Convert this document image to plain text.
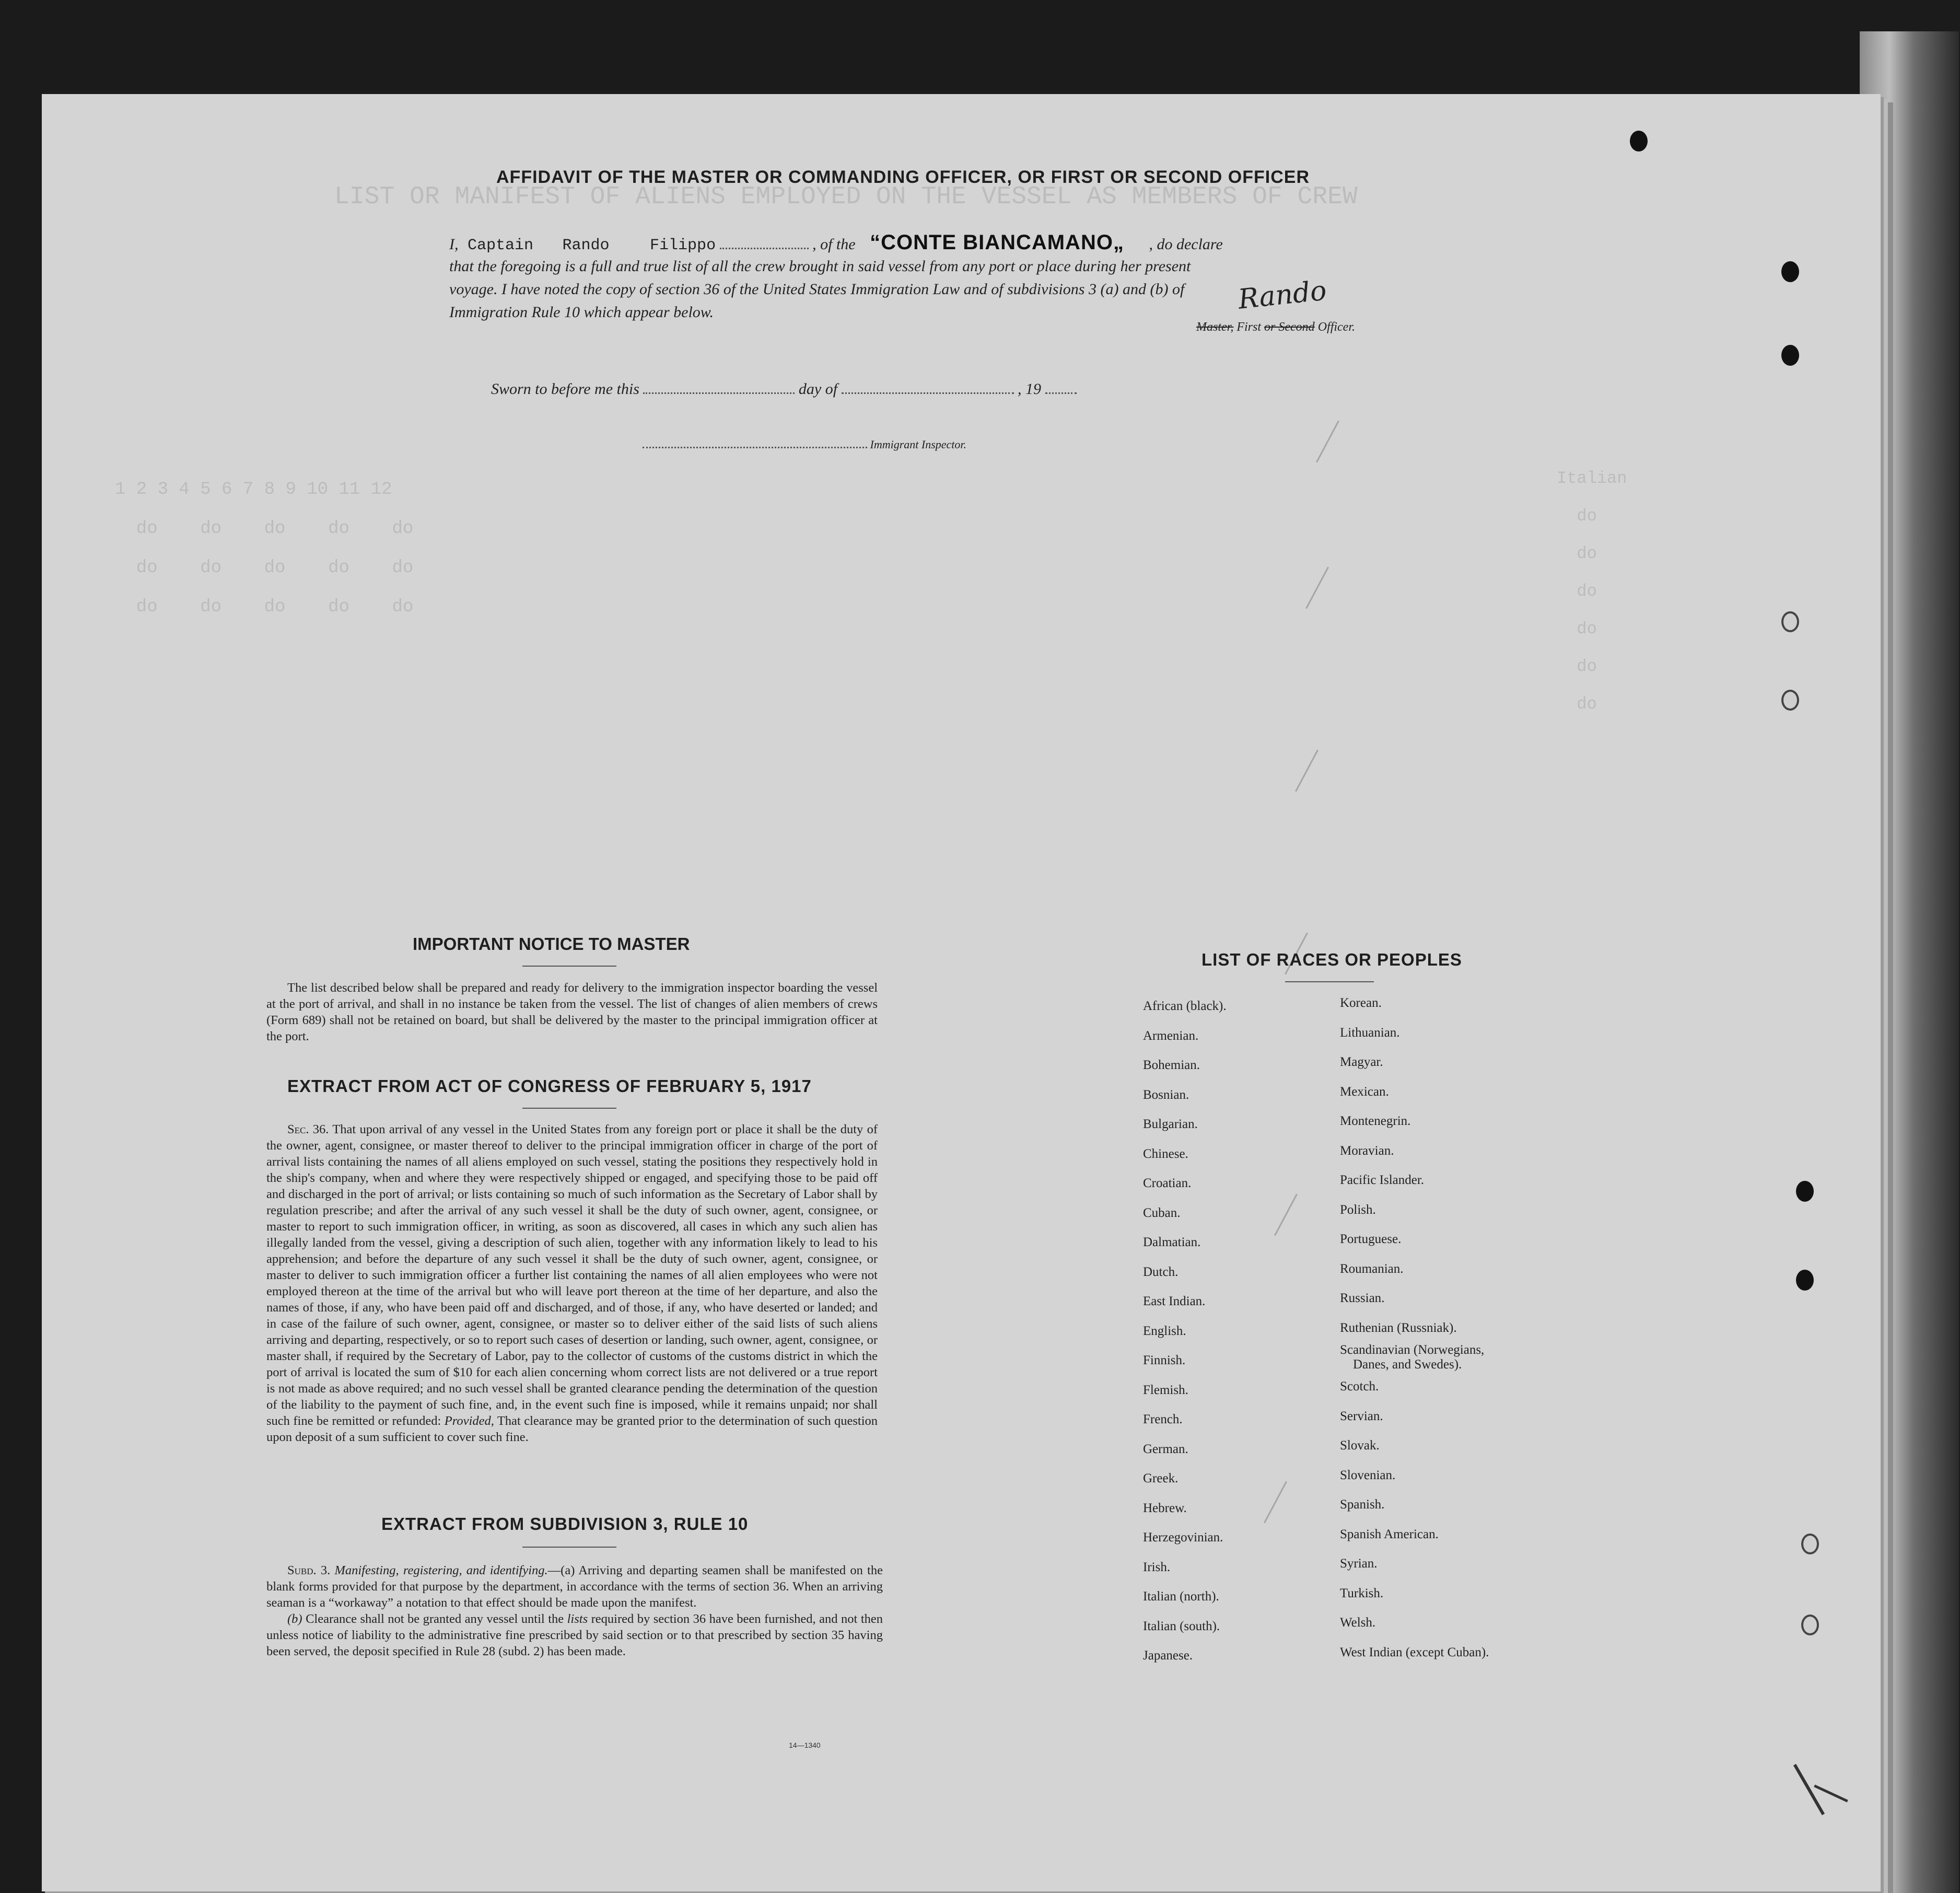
LIST OR MANIFEST OF ALIENS EMPLOYED ON THE VESSEL AS MEMBERS OF CREW
1 2 3 4 5 6 7 8 9 10 11 12
do    do    do    do    do
do    do    do    do    do
do    do    do    do    do
Italian
do
do
do
do
do
do
AFFIDAVIT OF THE MASTER OR COMMANDING OFFICER, OR FIRST OR SECOND OFFICER
I, Captain Rando	Filippo	, of the “CONTE BIANCAMANO„ , do declare
that the foregoing is a full and true list of all the crew brought in said vessel from any port or place during her present
voyage. I have noted the copy of section 36 of the United States Immigration Law and of subdivisions 3 (a) and (b) of
Immigration Rule 10 which appear below.	Rando
Master, First or Second Officer.
Sworn to before me this	day of	, 19
Immigrant Inspector.
IMPORTANT NOTICE TO MASTER

The list described below shall be prepared and ready for delivery to the immigration inspector boarding the vessel at the port of arrival, and shall in no instance be taken from the vessel. The list of changes of alien members of crews (Form 689) shall not be retained on board, but shall be delivered by the master to the principal immigration officer at the port.

EXTRACT FROM ACT OF CONGRESS OF FEBRUARY 5, 1917

Sec. 36. That upon arrival of any vessel in the United States from any foreign port or place it shall be the duty of the owner, agent, consignee, or master thereof to deliver to the principal immigration officer in charge of the port of arrival lists containing the names of all aliens employed on such vessel, stating the positions they respectively hold in the ship's company, when and where they were respectively shipped or engaged, and specifying those to be paid off and discharged in the port of arrival; or lists containing so much of such information as the Secretary of Labor shall by regulation prescribe; and after the arrival of any such vessel it shall be the duty of such owner, agent, consignee, or master to report to such immigration officer, in writing, as soon as discovered, all cases in which any such alien has illegally landed from the vessel, giving a description of such alien, together with any information likely to lead to his apprehension; and before the departure of any such vessel it shall be the duty of such owner, agent, consignee, or master to deliver to such immigration officer a further list containing the names of all alien employees who were not employed thereon at the time of the arrival but who will leave port thereon at the time of her departure, and also the names of those, if any, who have been paid off and discharged, and of those, if any, who have deserted or landed; and in case of the failure of such owner, agent, consignee, or master so to deliver either of the said lists of such aliens arriving and departing, respectively, or so to report such cases of desertion or landing, such owner, agent, consignee, or master shall, if required by the Secretary of Labor, pay to the collector of customs of the customs district in which the port of arrival is located the sum of $10 for each alien concerning whom correct lists are not delivered or a true report is not made as above required; and no such vessel shall be granted clearance pending the determination of the question of the liability to the payment of such fine, and, in the event such fine is imposed, while it remains unpaid; nor shall such fine be remitted or refunded: Provided, That clearance may be granted prior to the determination of such question upon deposit of a sum sufficient to cover such fine.

EXTRACT FROM SUBDIVISION 3, RULE 10

Subd. 3. Manifesting, registering, and identifying.—(a) Arriving and departing seamen shall be manifested on the blank forms provided for that purpose by the department, in accordance with the terms of section 36. When an arriving seaman is a “workaway” a notation to that effect should be made upon the manifest.

(b) Clearance shall not be granted any vessel until the lists required by section 36 have been furnished, and not then unless notice of liability to the administrative fine prescribed by said section or to that prescribed by section 35 having been served, the deposit specified in Rule 28 (subd. 2) has been made.

14—1340
LIST OF RACES OR PEOPLES
African (black).
Armenian.
Bohemian.
Bosnian.
Bulgarian.
Chinese.
Croatian.
Cuban.
Dalmatian.
Dutch.
East Indian.
English.
Finnish.
Flemish.
French.
German.
Greek.
Hebrew.
Herzegovinian.
Irish.
Italian (north).
Italian (south).
Japanese.
Korean.
Lithuanian.
Magyar.
Mexican.
Montenegrin.
Moravian.
Pacific Islander.
Polish.
Portuguese.
Roumanian.
Russian.
Ruthenian (Russniak).
Scandinavian (Norwegians,
Danes, and Swedes).
Scotch.
Servian.
Slovak.
Slovenian.
Spanish.
Spanish American.
Syrian.
Turkish.
Welsh.
West Indian (except Cuban).
